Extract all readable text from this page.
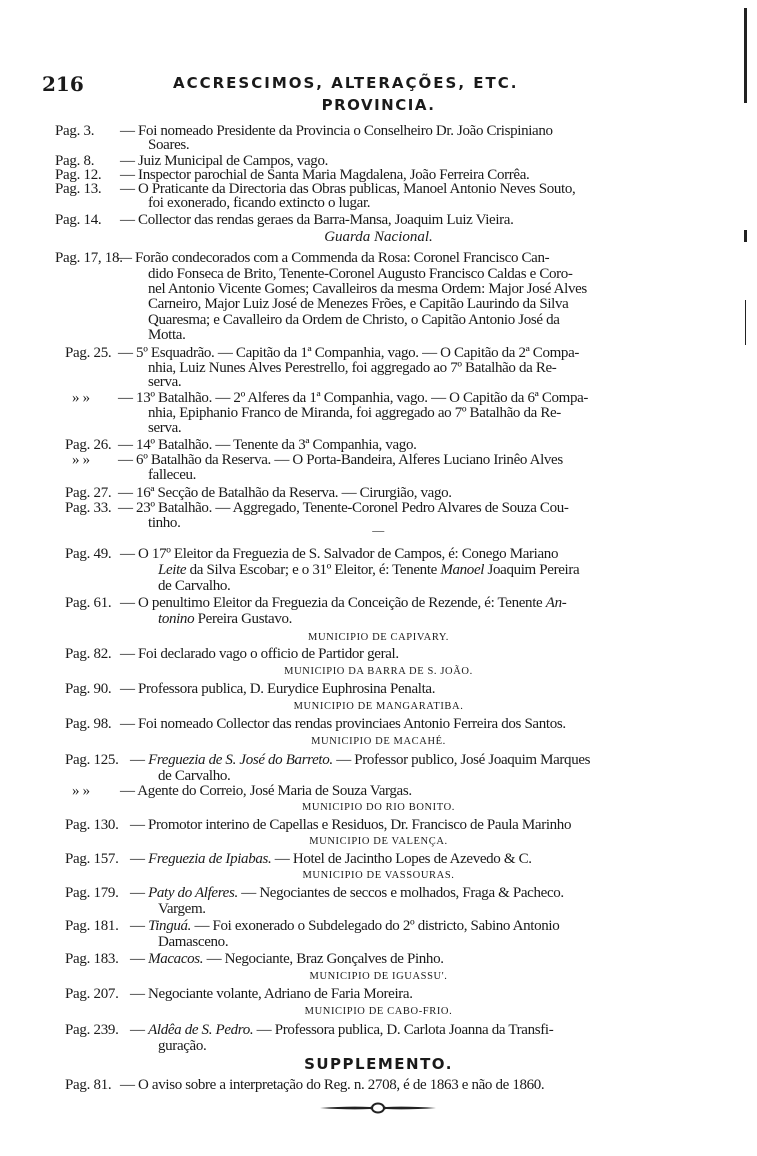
216	ACCRESCIMOS, ALTERAÇÕES, ETC.
PROVINCIA.
Pag. 3. — Foi nomeado Presidente da Provincia o Conselheiro Dr. João Crispiniano
Soares.
Pag. 8. — Juiz Municipal de Campos, vago.
Pag. 12. — Inspector parochial de Santa Maria Magdalena, João Ferreira Corrêa.
Pag. 13. — O Praticante da Directoria das Obras publicas, Manoel Antonio Neves Souto,
foi exonerado, ficando extincto o lugar.
Pag. 14. — Collector das rendas geraes da Barra-Mansa, Joaquim Luiz Vieira.
Guarda Nacional.
Pag. 17, 18.
— Forão condecorados com a Commenda da Rosa: Coronel Francisco Can-
dido Fonseca de Brito, Tenente-Coronel Augusto Francisco Caldas e Coro-
nel Antonio Vicente Gomes; Cavalleiros da mesma Ordem: Major José Alves
Carneiro, Major Luiz José de Menezes Frões, e Capitão Laurindo da Silva
Quaresma; e Cavalleiro da Ordem de Christo, o Capitão Antonio José da
Motta.
Pag. 25. — 5º Esquadrão. — Capitão da 1ª Companhia, vago. — O Capitão da 2ª Compa-
nhia, Luiz Nunes Alves Perestrello, foi aggregado ao 7º Batalhão da Re-
serva.
» » — 13º Batalhão. — 2º Alferes da 1ª Companhia, vago. — O Capitão da 6ª Compa-
nhia, Epiphanio Franco de Miranda, foi aggregado ao 7º Batalhão da Re-
serva.
Pag. 26. — 14º Batalhão. — Tenente da 3ª Companhia, vago.
» » — 6º Batalhão da Reserva. — O Porta-Bandeira, Alferes Luciano Irinêo Alves
falleceu.
Pag. 27. — 16ª Secção de Batalhão da Reserva. — Cirurgião, vago.
Pag. 33. — 23º Batalhão. — Aggregado, Tenente-Coronel Pedro Alvares de Souza Cou-
tinho.	—
Pag. 49. — O 17º Eleitor da Freguezia de S. Salvador de Campos, é: Conego Mariano
Leite da Silva Escobar; e o 31º Eleitor, é: Tenente Manoel Joaquim Pereira
de Carvalho.
Pag. 61. — O penultimo Eleitor da Freguezia da Conceição de Rezende, é: Tenente An-
tonino Pereira Gustavo.
MUNICIPIO DE CAPIVARY.
Pag. 82. — Foi declarado vago o officio de Partidor geral.
MUNICIPIO DA BARRA DE S. JOÃO.
Pag. 90. — Professora publica, D. Eurydice Euphrosina Penalta.
MUNICIPIO DE MANGARATIBA.
Pag. 98. — Foi nomeado Collector das rendas provinciaes Antonio Ferreira dos Santos.
MUNICIPIO DE MACAHÉ.
Pag. 125. — Freguezia de S. José do Barreto. — Professor publico, José Joaquim Marques
de Carvalho.
» » — Agente do Correio, José Maria de Souza Vargas.
MUNICIPIO DO RIO BONITO.
Pag. 130. — Promotor interino de Capellas e Residuos, Dr. Francisco de Paula Marinho
MUNICIPIO DE VALENÇA.
Pag. 157. — Freguezia de Ipiabas. — Hotel de Jacintho Lopes de Azevedo & C.
MUNICIPIO DE VASSOURAS.
Pag. 179. — Paty do Alferes. — Negociantes de seccos e molhados, Fraga & Pacheco.
Vargem.
Pag. 181. — Tinguá. — Foi exonerado o Subdelegado do 2º districto, Sabino Antonio
Damasceno.
Pag. 183. — Macacos. — Negociante, Braz Gonçalves de Pinho.
MUNICIPIO DE IGUASSU'.
Pag. 207. — Negociante volante, Adriano de Faria Moreira.
MUNICIPIO DE CABO-FRIO.
Pag. 239. — Aldêa de S. Pedro. — Professora publica, D. Carlota Joanna da Transfi-
guração.
SUPPLEMENTO.
Pag. 81. — O aviso sobre a interpretação do Reg. n. 2708, é de 1863 e não de 1860.
